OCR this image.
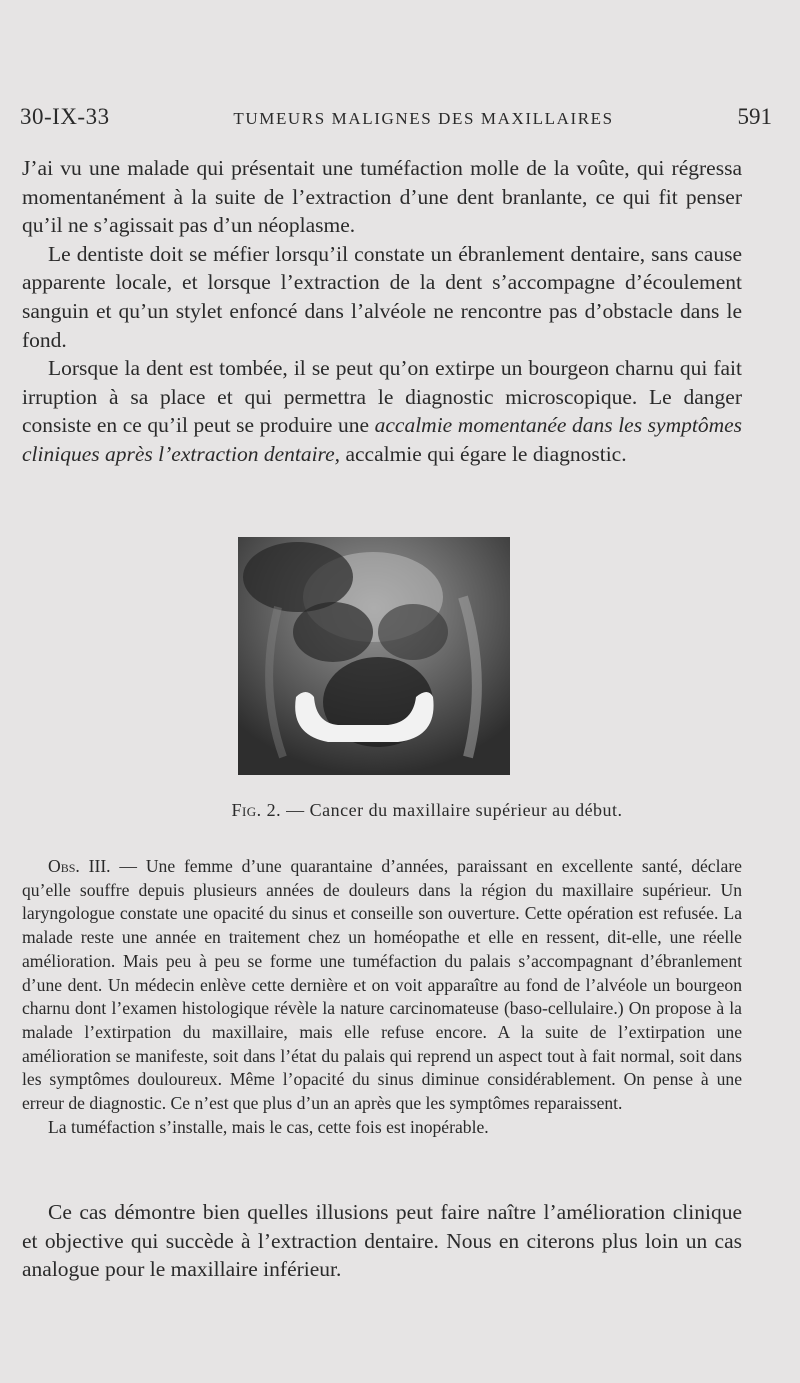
30-IX-33	TUMEURS MALIGNES DES MAXILLAIRES	591

J’ai vu une malade qui présentait une tuméfaction molle de la voûte, qui régressa momentanément à la suite de l’extraction d’une dent branlante, ce qui fit penser qu’il ne s’agissait pas d’un néoplasme.

Le dentiste doit se méfier lorsqu’il constate un ébranlement dentaire, sans cause apparente locale, et lorsque l’extraction de la dent s’accompagne d’écoulement sanguin et qu’un stylet enfoncé dans l’alvéole ne rencontre pas d’obstacle dans le fond.

Lorsque la dent est tombée, il se peut qu’on extirpe un bourgeon charnu qui fait irruption à sa place et qui permettra le diagnostic microscopique. Le danger consiste en ce qu’il peut se produire une accalmie momentanée dans les symptômes cliniques après l’extraction dentaire, accalmie qui égare le diagnostic.

Fig. 2. — Cancer du maxillaire supérieur au début.

Obs. III. — Une femme d’une quarantaine d’années, paraissant en excellente santé, déclare qu’elle souffre depuis plusieurs années de douleurs dans la région du maxillaire supérieur. Un laryngologue constate une opacité du sinus et conseille son ouverture. Cette opération est refusée. La malade reste une année en traitement chez un homéopathe et elle en ressent, dit-elle, une réelle amélioration. Mais peu à peu se forme une tuméfaction du palais s’accompagnant d’ébranlement d’une dent. Un médecin enlève cette dernière et on voit apparaître au fond de l’alvéole un bourgeon charnu dont l’examen histologique révèle la nature carcinomateuse (baso-cellulaire.) On propose à la malade l’extirpation du maxillaire, mais elle refuse encore. A la suite de l’extirpation une amélioration se manifeste, soit dans l’état du palais qui reprend un aspect tout à fait normal, soit dans les symptômes douloureux. Même l’opacité du sinus diminue considérablement. On pense à une erreur de diagnostic. Ce n’est que plus d’un an après que les symptômes reparaissent.

La tuméfaction s’installe, mais le cas, cette fois est inopérable.

Ce cas démontre bien quelles illusions peut faire naître l’amélioration clinique et objective qui succède à l’extraction dentaire. Nous en citerons plus loin un cas analogue pour le maxillaire inférieur.
